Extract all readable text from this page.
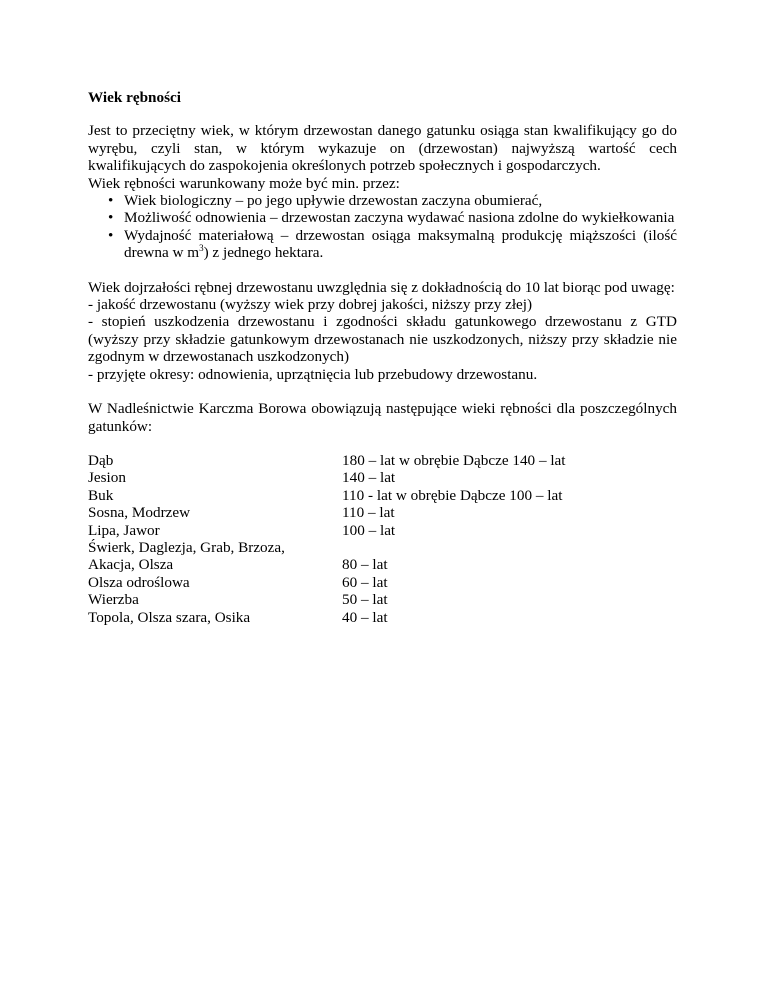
Wiek rębności

Jest to przeciętny wiek, w którym drzewostan danego gatunku osiąga stan kwalifikujący go do wyrębu, czyli stan, w którym wykazuje on (drzewostan) najwyższą wartość cech kwalifikujących do zaspokojenia określonych potrzeb społecznych i gospodarczych.

Wiek rębności warunkowany może być min. przez:

• Wiek biologiczny – po jego upływie drzewostan zaczyna obumierać,
• Możliwość odnowienia – drzewostan zaczyna wydawać nasiona zdolne do wykiełkowania
• Wydajność materiałową – drzewostan osiąga maksymalną produkcję miąższości (ilość drewna w $m^3$) z jednego hektara.

Wiek dojrzałości rębnej drzewostanu uwzględnia się z dokładnością do 10 lat biorąc pod uwagę:

- jakość drzewostanu (wyższy wiek przy dobrej jakości, niższy przy złej)

- stopień uszkodzenia drzewostanu i zgodności składu gatunkowego drzewostanu z GTD (wyższy przy składzie gatunkowym drzewostanach nie uszkodzonych, niższy przy składzie nie zgodnym w drzewostanach uszkodzonych)

- przyjęte okresy: odnowienia, uprzątnięcia lub przebudowy drzewostanu.

W Nadleśnictwie Karczma Borowa obowiązują następujące wieki rębności dla poszczególnych gatunków:

Dąb	180 – lat w obrębie Dąbcze 140 – lat
Jesion	140 – lat
Buk	110 - lat w obrębie Dąbcze 100 – lat
Sosna, Modrzew	110 – lat
Lipa, Jawor	100 – lat
Świerk, Daglezja, Grab, Brzoza,
Akacja, Olsza	80 – lat
Olsza odroślowa	60 – lat
Wierzba	50 – lat
Topola, Olsza szara, Osika	40 – lat
